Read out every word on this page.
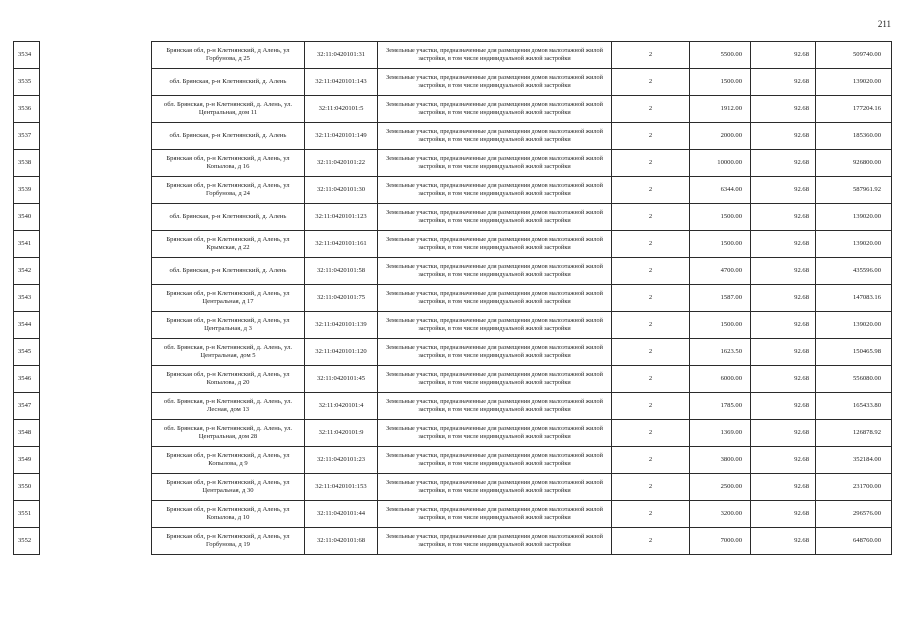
211
3534		Брянская обл, р-н Клетнянский, д Алень, ул Горбунова, д 25	32:11:0420101:31	Земельные участки, предназначенные для размещения домов малоэтажной жилой застройки, в том числе индивидуальной жилой застройки	2	5500.00	92.68	509740.00
3535		обл. Брянская, р-н Клетнянский, д. Алень	32:11:0420101:143	Земельные участки, предназначенные для размещения домов малоэтажной жилой застройки, в том числе индивидуальной жилой застройки	2	1500.00	92.68	139020.00
3536		обл. Брянская, р-н Клетнянский, д. Алень, ул. Центральная, дом 11	32:11:0420101:5	Земельные участки, предназначенные для размещения домов малоэтажной жилой застройки, в том числе индивидуальной жилой застройки	2	1912.00	92.68	177204.16
3537		обл. Брянская, р-н Клетнянский, д. Алень	32:11:0420101:149	Земельные участки, предназначенные для размещения домов малоэтажной жилой застройки, в том числе индивидуальной жилой застройки	2	2000.00	92.68	185360.00
3538		Брянская обл, р-н Клетнянский, д Алень, ул Копылова, д 16	32:11:0420101:22	Земельные участки, предназначенные для размещения домов малоэтажной жилой застройки, в том числе индивидуальной жилой застройки	2	10000.00	92.68	926800.00
3539		Брянская обл, р-н Клетнянский, д Алень, ул Горбунова, д 24	32:11:0420101:30	Земельные участки, предназначенные для размещения домов малоэтажной жилой застройки, в том числе индивидуальной жилой застройки	2	6344.00	92.68	587961.92
3540		обл. Брянская, р-н Клетнянский, д. Алень	32:11:0420101:123	Земельные участки, предназначенные для размещения домов малоэтажной жилой застройки, в том числе индивидуальной жилой застройки	2	1500.00	92.68	139020.00
3541		Брянская обл, р-н Клетнянский, д Алень, ул Крымская, д 22	32:11:0420101:161	Земельные участки, предназначенные для размещения домов малоэтажной жилой застройки, в том числе индивидуальной жилой застройки	2	1500.00	92.68	139020.00
3542		обл. Брянская, р-н Клетнянский, д. Алень	32:11:0420101:58	Земельные участки, предназначенные для размещения домов малоэтажной жилой застройки, в том числе индивидуальной жилой застройки	2	4700.00	92.68	435596.00
3543		Брянская обл, р-н Клетнянский, д Алень, ул Центральная, д 17	32:11:0420101:75	Земельные участки, предназначенные для размещения домов малоэтажной жилой застройки, в том числе индивидуальной жилой застройки	2	1587.00	92.68	147083.16
3544		Брянская обл, р-н Клетнянский, д Алень, ул Центральная, д 3	32:11:0420101:139	Земельные участки, предназначенные для размещения домов малоэтажной жилой застройки, в том числе индивидуальной жилой застройки	2	1500.00	92.68	139020.00
3545		обл. Брянская, р-н Клетнянский, д. Алень, ул. Центральная, дом 5	32:11:0420101:120	Земельные участки, предназначенные для размещения домов малоэтажной жилой застройки, в том числе индивидуальной жилой застройки	2	1623.50	92.68	150465.98
3546		Брянская обл, р-н Клетнянский, д Алень, ул Копылова, д 20	32:11:0420101:45	Земельные участки, предназначенные для размещения домов малоэтажной жилой застройки, в том числе индивидуальной жилой застройки	2	6000.00	92.68	556080.00
3547		обл. Брянская, р-н Клетнянский, д. Алень, ул. Лесная, дом 13	32:11:0420101:4	Земельные участки, предназначенные для размещения домов малоэтажной жилой застройки, в том числе индивидуальной жилой застройки	2	1785.00	92.68	165433.80
3548		обл. Брянская, р-н Клетнянский, д. Алень, ул. Центральная, дом 28	32:11:0420101:9	Земельные участки, предназначенные для размещения домов малоэтажной жилой застройки, в том числе индивидуальной жилой застройки	2	1369.00	92.68	126878.92
3549		Брянская обл, р-н Клетнянский, д Алень, ул Копылова, д 9	32:11:0420101:23	Земельные участки, предназначенные для размещения домов малоэтажной жилой застройки, в том числе индивидуальной жилой застройки	2	3800.00	92.68	352184.00
3550		Брянская обл, р-н Клетнянский, д Алень, ул Центральная, д 30	32:11:0420101:153	Земельные участки, предназначенные для размещения домов малоэтажной жилой застройки, в том числе индивидуальной жилой застройки	2	2500.00	92.68	231700.00
3551		Брянская обл, р-н Клетнянский, д Алень, ул Копылова, д 10	32:11:0420101:44	Земельные участки, предназначенные для размещения домов малоэтажной жилой застройки, в том числе индивидуальной жилой застройки	2	3200.00	92.68	296576.00
3552		Брянская обл, р-н Клетнянский, д Алень, ул Горбунова, д 19	32:11:0420101:68	Земельные участки, предназначенные для размещения домов малоэтажной жилой застройки, в том числе индивидуальной жилой застройки	2	7000.00	92.68	648760.00
